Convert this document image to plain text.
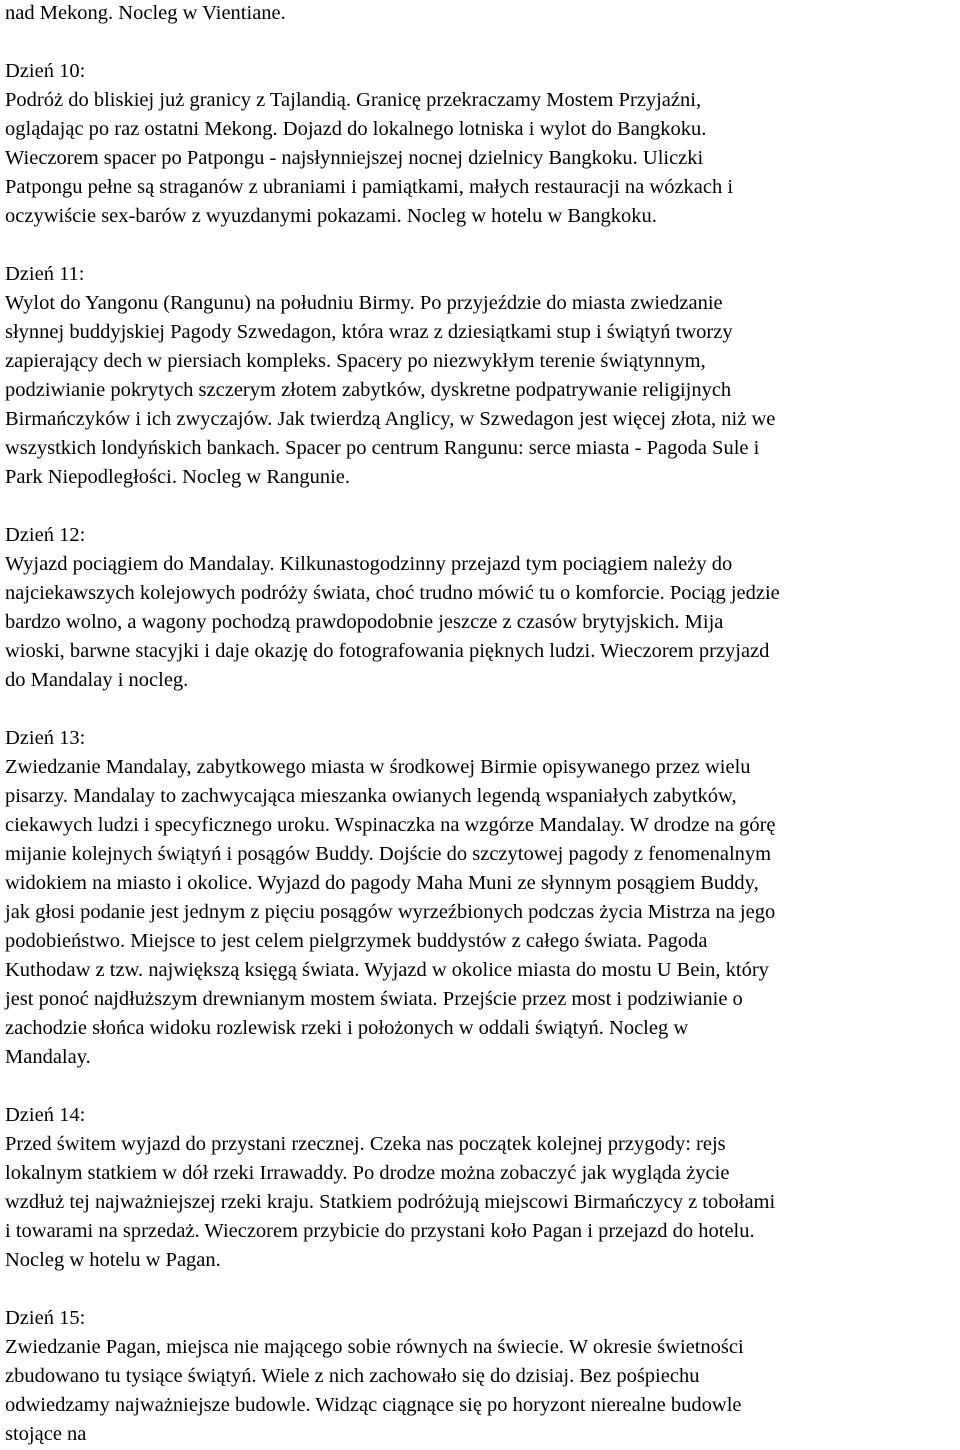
nad Mekong. Nocleg w Vientiane.
Dzień 10:
Podróż do bliskiej już granicy z Tajlandią. Granicę przekraczamy Mostem Przyjaźni,
oglądając po raz ostatni Mekong. Dojazd do lokalnego lotniska i wylot do Bangkoku.
Wieczorem spacer po Patpongu - najsłynniejszej nocnej dzielnicy Bangkoku. Uliczki
Patpongu pełne są straganów z ubraniami i pamiątkami, małych restauracji na wózkach i
oczywiście sex-barów z wyuzdanymi pokazami. Nocleg w hotelu w Bangkoku.
Dzień 11:
Wylot do Yangonu (Rangunu) na południu Birmy. Po przyjeździe do miasta zwiedzanie
słynnej buddyjskiej Pagody Szwedagon, która wraz z dziesiątkami stup i świątyń tworzy
zapierający dech w piersiach kompleks. Spacery po niezwykłym terenie świątynnym,
podziwianie pokrytych szczerym złotem zabytków, dyskretne podpatrywanie religijnych
Birmańczyków i ich zwyczajów. Jak twierdzą Anglicy, w Szwedagon jest więcej złota, niż we
wszystkich londyńskich bankach. Spacer po centrum Rangunu: serce miasta - Pagoda Sule i
Park Niepodległości. Nocleg w Rangunie.
Dzień 12:
Wyjazd pociągiem do Mandalay. Kilkunastogodzinny przejazd tym pociągiem należy do
najciekawszych kolejowych podróży świata, choć trudno mówić tu o komforcie. Pociąg jedzie
bardzo wolno, a wagony pochodzą prawdopodobnie jeszcze z czasów brytyjskich. Mija
wioski, barwne stacyjki i daje okazję do fotografowania pięknych ludzi. Wieczorem przyjazd
do Mandalay i nocleg.
Dzień 13:
Zwiedzanie Mandalay, zabytkowego miasta w środkowej Birmie opisywanego przez wielu
pisarzy. Mandalay to zachwycająca mieszanka owianych legendą wspaniałych zabytków,
ciekawych ludzi i specyficznego uroku. Wspinaczka na wzgórze Mandalay. W drodze na górę
mijanie kolejnych świątyń i posągów Buddy. Dojście do szczytowej pagody z fenomenalnym
widokiem na miasto i okolice. Wyjazd do pagody Maha Muni ze słynnym posągiem Buddy,
jak głosi podanie jest jednym z pięciu posągów wyrzeźbionych podczas życia Mistrza na jego
podobieństwo. Miejsce to jest celem pielgrzymek buddystów z całego świata. Pagoda
Kuthodaw z tzw. największą księgą świata. Wyjazd w okolice miasta do mostu U Bein, który
jest ponoć najdłuższym drewnianym mostem świata. Przejście przez most i podziwianie o
zachodzie słońca widoku rozlewisk rzeki i położonych w oddali świątyń. Nocleg w
Mandalay.
Dzień 14:
Przed świtem wyjazd do przystani rzecznej. Czeka nas początek kolejnej przygody: rejs
lokalnym statkiem w dół rzeki Irrawaddy. Po drodze można zobaczyć jak wygląda życie
wzdłuż tej najważniejszej rzeki kraju. Statkiem podróżują miejscowi Birmańczycy z tobołami
i towarami na sprzedaż. Wieczorem przybicie do przystani koło Pagan i przejazd do hotelu.
Nocleg w hotelu w Pagan.
Dzień 15:
Zwiedzanie Pagan, miejsca nie mającego sobie równych na świecie. W okresie świetności
zbudowano tu tysiące świątyń. Wiele z nich zachowało się do dzisiaj. Bez pośpiechu
odwiedzamy najważniejsze budowle. Widząc ciągnące się po horyzont nierealne budowle
stojące na
